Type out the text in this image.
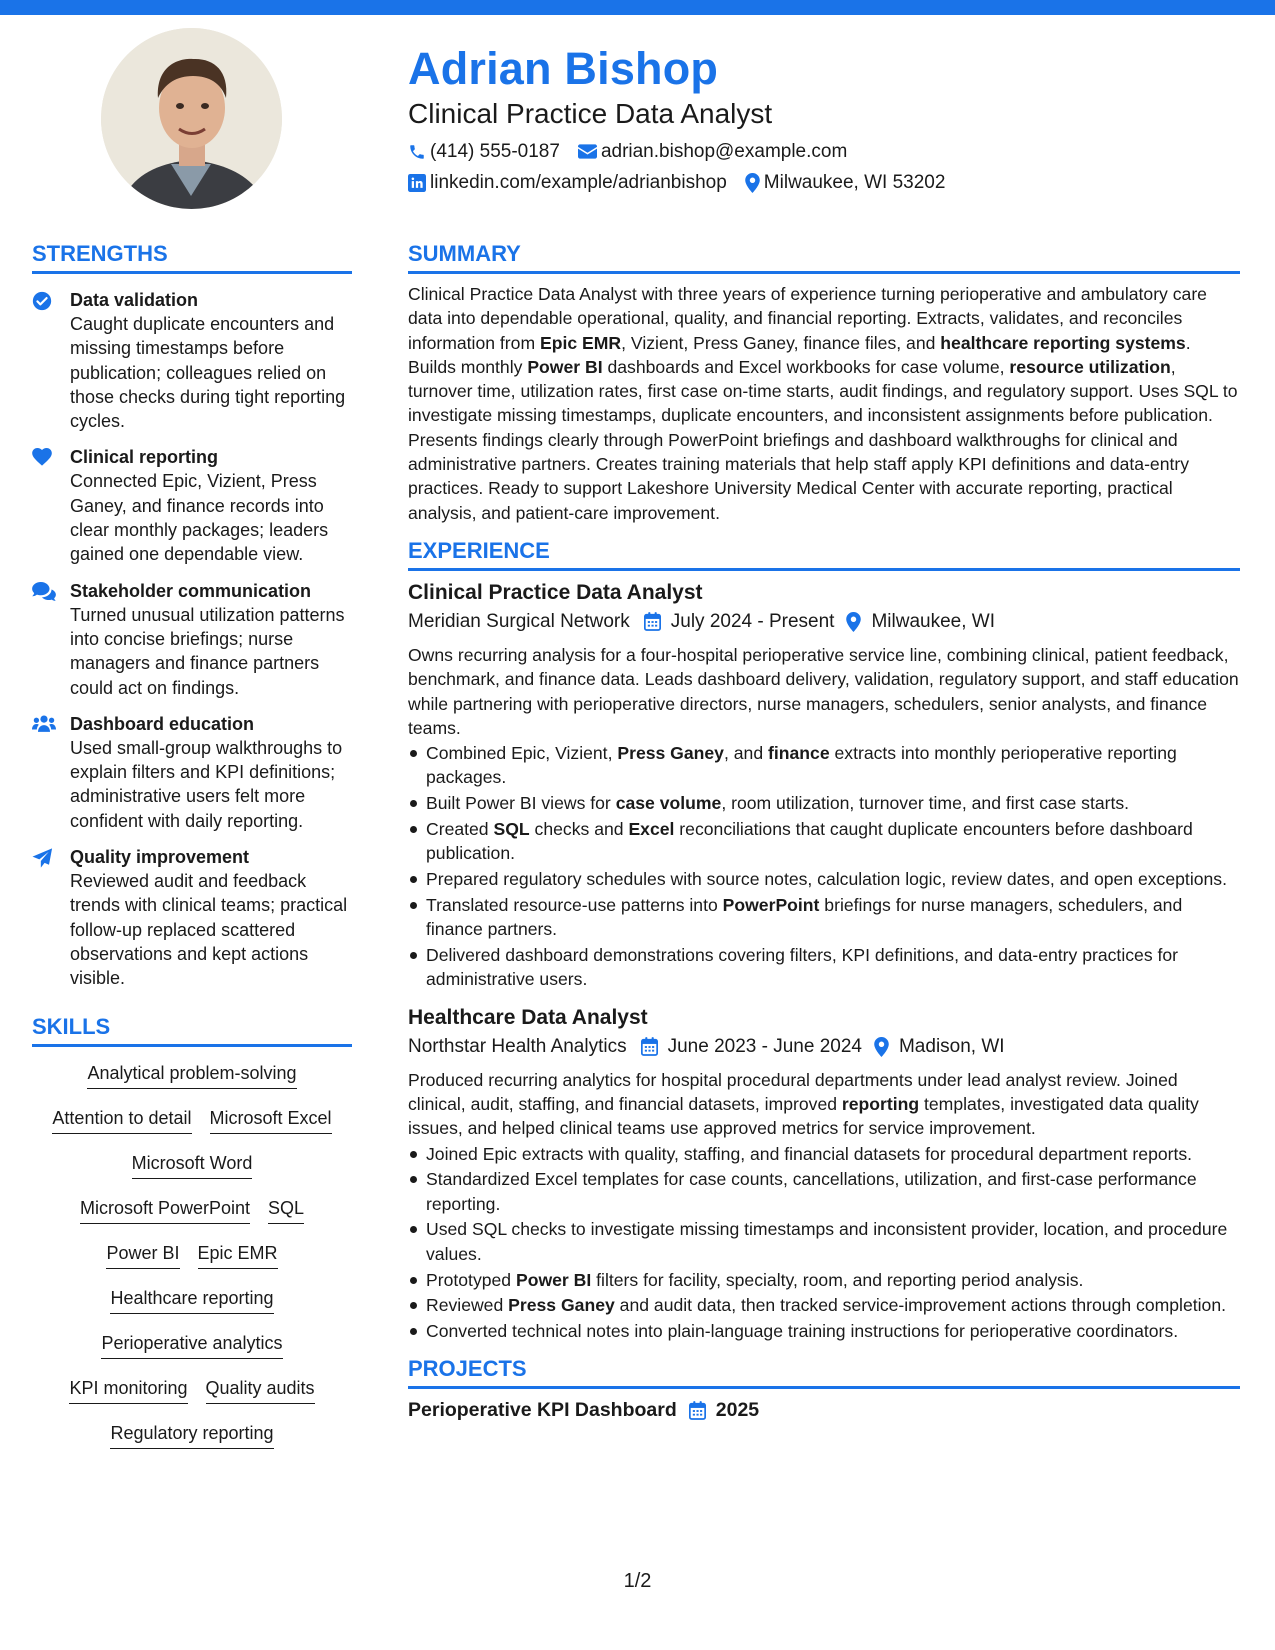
Adrian Bishop
Clinical Practice Data Analyst
(414) 555-0187 adrian.bishop@example.com
linkedin.com/example/adrianbishop Milwaukee, WI 53202
STRENGTHS
Data validation
Caught duplicate encounters and missing timestamps before publication; colleagues relied on those checks during tight reporting cycles.
Clinical reporting
Connected Epic, Vizient, Press Ganey, and finance records into clear monthly packages; leaders gained one dependable view.
Stakeholder communication
Turned unusual utilization patterns into concise briefings; nurse managers and finance partners could act on findings.
Dashboard education
Used small-group walkthroughs to explain filters and KPI definitions; administrative users felt more confident with daily reporting.
Quality improvement
Reviewed audit and feedback trends with clinical teams; practical follow-up replaced scattered observations and kept actions visible.
SKILLS
Analytical problem-solving
Attention to detail Microsoft Excel
Microsoft Word
Microsoft PowerPoint SQL
Power BI Epic EMR
Healthcare reporting
Perioperative analytics
KPI monitoring Quality audits
Regulatory reporting
SUMMARY
Clinical Practice Data Analyst with three years of experience turning perioperative and ambulatory care data into dependable operational, quality, and financial reporting. Extracts, validates, and reconciles information from Epic EMR, Vizient, Press Ganey, finance files, and healthcare reporting systems. Builds monthly Power BI dashboards and Excel workbooks for case volume, resource utilization, turnover time, utilization rates, first case on-time starts, audit findings, and regulatory support. Uses SQL to investigate missing timestamps, duplicate encounters, and inconsistent assignments before publication. Presents findings clearly through PowerPoint briefings and dashboard walkthroughs for clinical and administrative partners. Creates training materials that help staff apply KPI definitions and data-entry practices. Ready to support Lakeshore University Medical Center with accurate reporting, practical analysis, and patient-care improvement.
EXPERIENCE
Clinical Practice Data Analyst
Meridian Surgical Network July 2024 - Present Milwaukee, WI
Owns recurring analysis for a four-hospital perioperative service line, combining clinical, patient feedback, benchmark, and finance data. Leads dashboard delivery, validation, regulatory support, and staff education while partnering with perioperative directors, nurse managers, schedulers, senior analysts, and finance teams.
Combined Epic, Vizient, Press Ganey, and finance extracts into monthly perioperative reporting packages.
Built Power BI views for case volume, room utilization, turnover time, and first case starts.
Created SQL checks and Excel reconciliations that caught duplicate encounters before dashboard publication.
Prepared regulatory schedules with source notes, calculation logic, review dates, and open exceptions.
Translated resource-use patterns into PowerPoint briefings for nurse managers, schedulers, and finance partners.
Delivered dashboard demonstrations covering filters, KPI definitions, and data-entry practices for administrative users.
Healthcare Data Analyst
Northstar Health Analytics June 2023 - June 2024 Madison, WI
Produced recurring analytics for hospital procedural departments under lead analyst review. Joined clinical, audit, staffing, and financial datasets, improved reporting templates, investigated data quality issues, and helped clinical teams use approved metrics for service improvement.
Joined Epic extracts with quality, staffing, and financial datasets for procedural department reports.
Standardized Excel templates for case counts, cancellations, utilization, and first-case performance reporting.
Used SQL checks to investigate missing timestamps and inconsistent provider, location, and procedure values.
Prototyped Power BI filters for facility, specialty, room, and reporting period analysis.
Reviewed Press Ganey and audit data, then tracked service-improvement actions through completion.
Converted technical notes into plain-language training instructions for perioperative coordinators.
PROJECTS
Perioperative KPI Dashboard 2025
1/2
